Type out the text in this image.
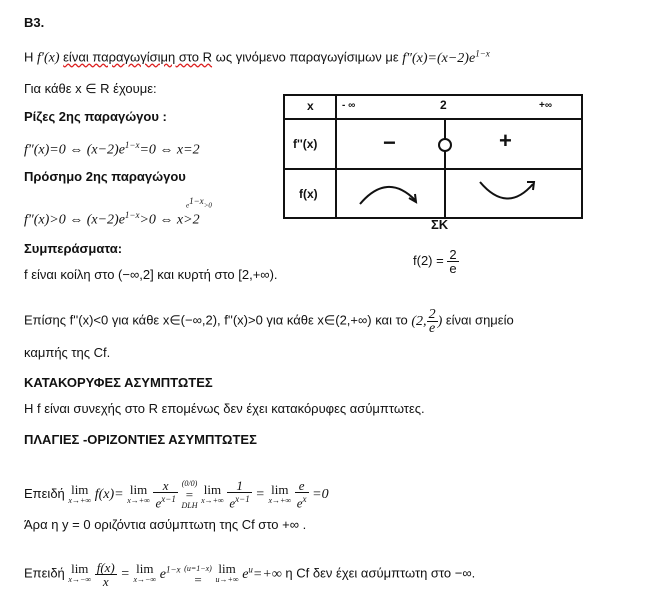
Β3.
Η f′(x) είναι παραγωγίσιμη στο R ως γινόμενο παραγωγίσιμων με $f''(x)=(x-2)e^{1-x}$
Για κάθε x ∈ R έχουμε:
Ρίζες 2ης παραγώγου :
f″(x)=0 ⇔ $(x-2)e^{1-x}=0$ ⇔ x=2
Πρόσημο 2ης παραγώγου
f″(x)>0 ⇔ $(x-2)e^{1-x}>0$ ⇔ x>2
$e^{1-x}>0$
Συμπεράσματα:
f είναι κοίλη στο (−∞,2] και κυρτή στο [2,+∞).
Επίσης f''(x)<0 για κάθε x∈(−∞,2), f''(x)>0 για κάθε x∈(2,+∞) και το (2, $\frac{2}{e}$ ) είναι σημείο
καμπής της Cf.
ΚΑΤΑΚΟΡΥΦΕΣ ΑΣΥΜΠΤΩΤΕΣ
Η f είναι συνεχής στο R επομένως δεν έχει κατακόρυφες ασύμπτωτες.
ΠΛΑΓΙΕΣ -ΟΡΙΖΟΝΤΙΕΣ ΑΣΥΜΠΤΩΤΕΣ
Επειδή lim
x→+∞ f(x)= lim
x→+∞
$\frac{x}{e^{x-1}}$
(0/0)
=
DLH
lim
x→+∞
$\frac{1}{e^{x-1}} = \lim$
x→+∞
$\frac{e}{e^x} =0$
Άρα η y = 0 οριζόντια ασύμπτωτη της Cf στο +∞ .
Επειδή lim
x→−∞
$\frac{f(x)}{x} = \lim$
x→−∞ $e^{1-x}$ (u=1−x)
= lim
u→+∞ $e^u=+\infty$ η Cf δεν έχει ασύμπτωτη στο −∞.
x	- ∞	2	+∞
f''(x)	−	+
f(x)
ΣΚ
$f(2) = \frac{2}{e}$
